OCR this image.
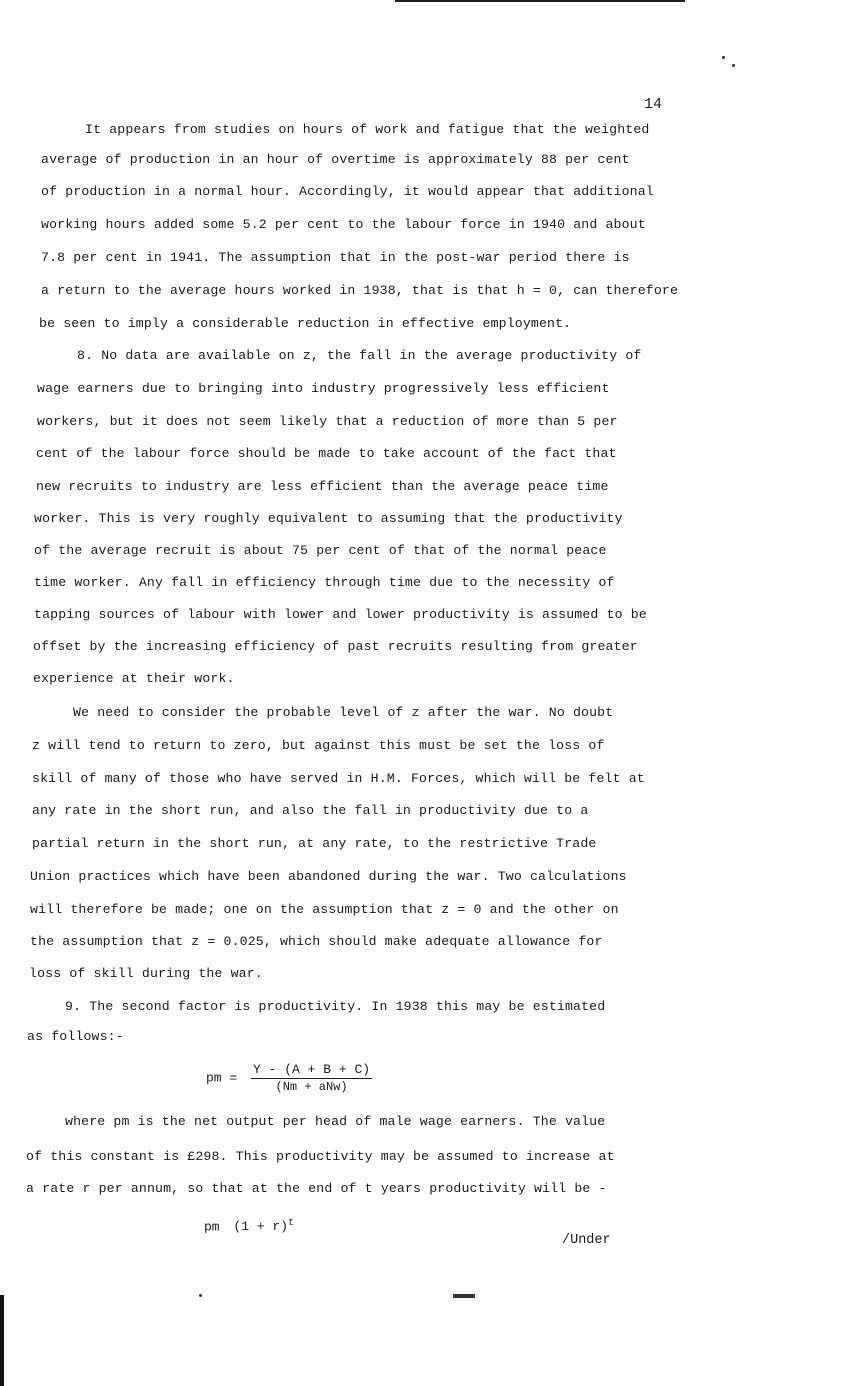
14
It appears from studies on hours of work and fatigue that the weighted
average of production in an hour of overtime is approximately 88 per cent
of production in a normal hour. Accordingly, it would appear that additional
working hours added some 5.2 per cent to the labour force in 1940 and about
7.8 per cent in 1941. The assumption that in the post-war period there is
a return to the average hours worked in 1938, that is that h = 0, can therefore
be seen to imply a considerable reduction in effective employment.
8. No data are available on z, the fall in the average productivity of
wage earners due to bringing into industry progressively less efficient
workers, but it does not seem likely that a reduction of more than 5 per
cent of the labour force should be made to take account of the fact that
new recruits to industry are less efficient than the average peace time
worker. This is very roughly equivalent to assuming that the productivity
of the average recruit is about 75 per cent of that of the normal peace
time worker. Any fall in efficiency through time due to the necessity of
tapping sources of labour with lower and lower productivity is assumed to be
offset by the increasing efficiency of past recruits resulting from greater
experience at their work.
We need to consider the probable level of z after the war. No doubt
z will tend to return to zero, but against this must be set the loss of
skill of many of those who have served in H.M. Forces, which will be felt at
any rate in the short run, and also the fall in productivity due to a
partial return in the short run, at any rate, to the restrictive Trade
Union practices which have been abandoned during the war. Two calculations
will therefore be made; one on the assumption that z = 0 and the other on
the assumption that z = 0.025, which should make adequate allowance for
loss of skill during the war.
9. The second factor is productivity. In 1938 this may be estimated
as follows:-
where pm is the net output per head of male wage earners. The value
of this constant is £298. This productivity may be assumed to increase at
a rate r per annum, so that at the end of t years productivity will be -
pm = $\frac{Y - (A + B + C)}{\text{(Nm + aNw)}}$
pm $(1 + r)^t$
/Under
